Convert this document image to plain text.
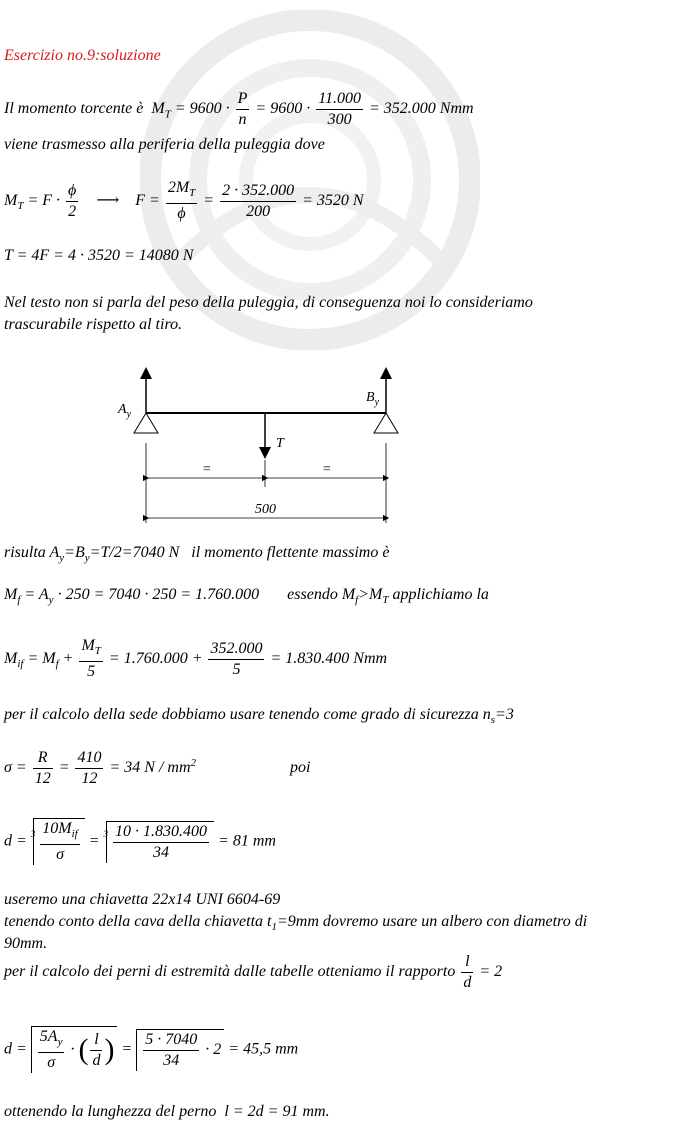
Esercizio no.9:soluzione
Il momento torcente è $M_T = 9600 \cdot \frac{P}{n} = 9600 \cdot \frac{11.000}{300} = 352.000$ Nmm
viene trasmesso alla periferia della puleggia dove
$M_T = F \cdot \frac{\phi}{2}$ ⟶ $F = \frac{2M_T}{\phi} = \frac{2 \cdot 352.000}{200} = 3520$ N
T = 4F = 4 · 3520 = 14080 N
Nel testo non si parla del peso della puleggia, di conseguenza noi lo consideriamo
trascurabile rispetto al tiro.
$A_y$
$B_y$
T
=	=
500
risulta $A_y=B_y=T/2=7040$ N   il momento flettente massimo è
$M_f = A_y \cdot 250 = 7040 \cdot 250 = 1.760.000$ essendo $M_f>M_T$ applichiamo la
$M_{if} = M_f + \frac{M_T}{5} = 1.760.000 + \frac{352.000}{5} = 1.830.400$ Nmm
per il calcolo della sede dobbiamo usare tenendo come grado di sicurezza $n_s=3$
$\sigma = \frac{R}{12} = \frac{410}{12} = 34$ N / $mm^2$	poi
$d = ^3 \frac{10M_{if}}{\sigma} = ^3 \frac{10 \cdot 1.830.400}{34} = 81$ mm
useremo una chiavetta 22x14 UNI 6604-69
tenendo conto della cava della chiavetta $t_1=9mm$ dovremo usare un albero con diametro di
90mm.
per il calcolo dei perni di estremità dalle tabelle otteniamo il rapporto $\frac{l}{d} = 2$
$d = \frac{5A_y}{\sigma}$ · ( $\frac{l}{d}$ ) = $\frac{5 \cdot 7040}{34} \cdot 2 = 45,5$ mm
ottenendo la lunghezza del perno l = 2d = 91 mm.
